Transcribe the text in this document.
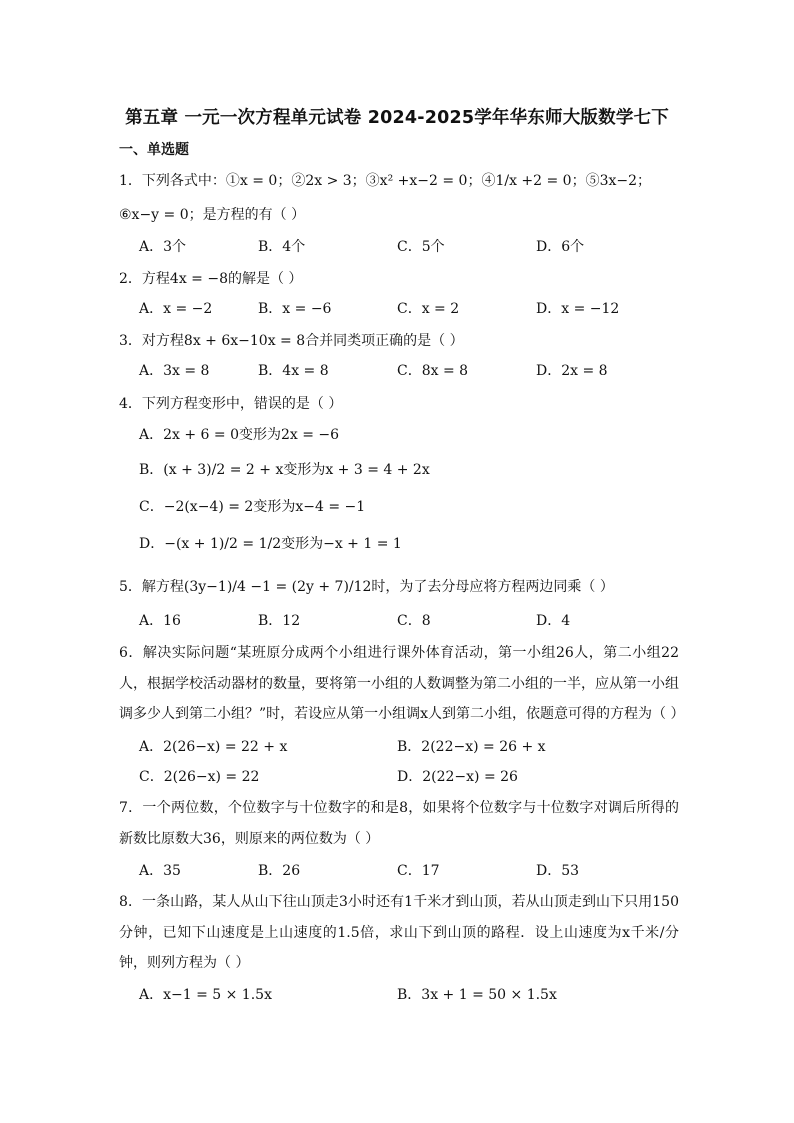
第五章 一元一次方程单元试卷 2024-2025学年华东师大版数学七下
一、单选题
1．下列各式中：①x = 0；②2x > 3；③x² +x−2 = 0；④1/x +2 = 0；⑤3x−2；
⑥x−y = 0；是方程的有（ ）
A．3个	B．4个	C．5个	D．6个
2．方程4x = −8的解是（ ）
A．x = −2	B．x = −6	C．x = 2	D．x = −12
3．对方程8x + 6x−10x = 8合并同类项正确的是（ ）
A．3x = 8	B．4x = 8	C．8x = 8	D．2x = 8
4．下列方程变形中，错误的是（ ）
A．2x + 6 = 0变形为2x = −6
B．(x + 3)/2 = 2 + x变形为x + 3 = 4 + 2x
C．−2(x−4) = 2变形为x−4 = −1
D．−(x + 1)/2 = 1/2变形为−x + 1 = 1
5．解方程(3y−1)/4 −1 = (2y + 7)/12时，为了去分母应将方程两边同乘（ ）
A．16	B．12	C．8	D．4
6．解决实际问题“某班原分成两个小组进行课外体育活动，第一小组26人，第二小组22人，根据学校活动器材的数量，要将第一小组的人数调整为第二小组的一半，应从第一小组调多少人到第二小组？”时，若设应从第一小组调x人到第二小组，依题意可得的方程为（ ）
A．2(26−x) = 22 + x	B．2(22−x) = 26 + x
C．2(26−x) = 22	D．2(22−x) = 26
7．一个两位数，个位数字与十位数字的和是8，如果将个位数字与十位数字对调后所得的新数比原数大36，则原来的两位数为（ ）
A．35	B．26	C．17	D．53
8．一条山路，某人从山下往山顶走3小时还有1千米才到山顶，若从山顶走到山下只用150分钟，已知下山速度是上山速度的1.5倍，求山下到山顶的路程．设上山速度为x千米/分钟，则列方程为（ ）
A．x−1 = 5 × 1.5x	B．3x + 1 = 50 × 1.5x
